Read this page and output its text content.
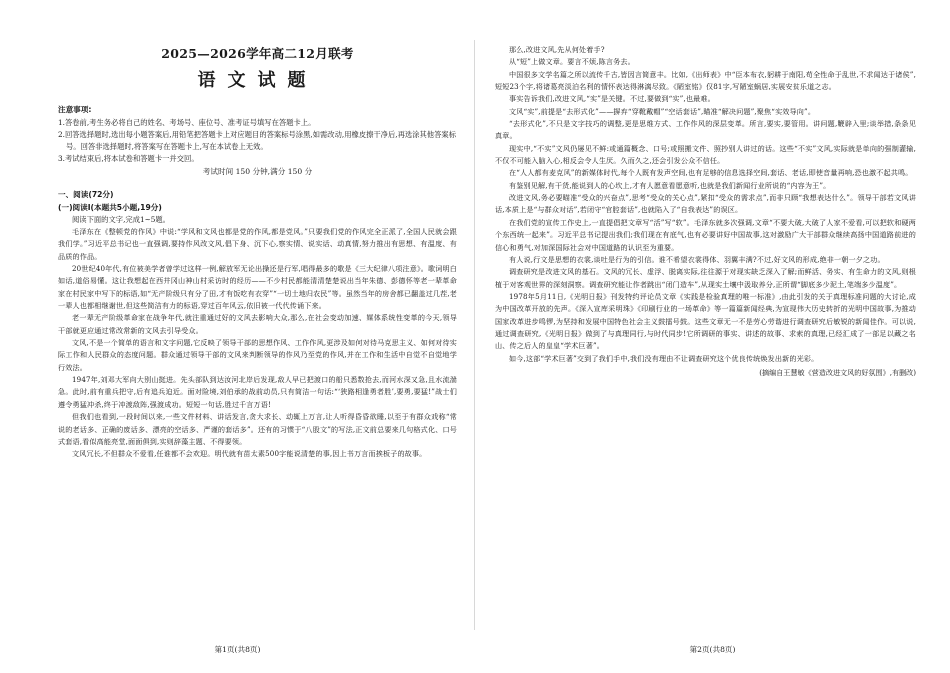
2025—2026学年高二12月联考

语文试题

注意事项:

1.答卷前,考生务必将自己的姓名、考场号、座位号、准考证号填写在答题卡上。

2.回答选择题时,选出每小题答案后,用铅笔把答题卡上对应题目的答案标号涂黑,如需改动,用橡皮擦干净后,再选涂其他答案标号。回答非选择题时,将答案写在答题卡上,写在本试卷上无效。

3.考试结束后,将本试卷和答题卡一并交回。

考试时间 150 分钟,满分 150 分

一、阅读(72分)

(一)阅读Ⅰ(本题共5小题,19分)

阅读下面的文字,完成1~5题。

毛泽东在《整顿党的作风》中说:“学风和文风也都是党的作风,都是党风。”只要我们党的作风完全正派了,全国人民就会跟我们学。”习近平总书记也一直强调,要持作风改文风,倡下身、沉下心,察实情、说实话、动真情,努力推出有思想、有温度、有品质的作品。

20世纪40年代,有位被美学者曾学过这样一例,解放军无论出操还是行军,唱得最多的歌是《三大纪律八项注意》。歌词明白如话,道俗易懂。这让我想起在西井冈山神山村采访时的经历——不少村民都能清清楚楚说出当年朱德、彭德怀等老一辈革命家在村民家中写下的标语,如“无产阶级只有分了田,才有饭吃有衣穿”“一切土地归农民”等。虽然当年的房舍都已翻盖过几茬,老一辈人也都相继谢世,但这些简洁有力的标语,穿过百年风云,依旧被一代代传诵下来。

老一辈无产阶级革命家在战争年代,就注重通过好的文风去影响大众,那么,在社会变动加速、媒体系统性变革的今天,领导干部就更应通过常改常新的文风去引导受众。

文风,不是一个简单的语言和文字问题,它反映了领导干部的思想作风、工作作风,更涉及如何对待马克思主义、如何对待实际工作和人民群众的态度问题。群众通过领导干部的文风来判断领导的作风乃至党的作风,并在工作和生活中自觉不自觉地学行效法。

1947年,刘邓大军向大别山挺进。先头部队到达汝河北岸后发现,敌人早已把渡口的船只悉数抢去,而河水深又急,且水流湍急。此时,前有重兵把守,后有追兵迫近。面对险境,刘伯承的战前动员,只有简洁一句话:“‘狭路相逢勇者胜’,要勇,要猛!”战士们遵令勇猛冲杀,终于冲渡敌阵,强渡成功。短短一句话,胜过千言万语!

但我们也看到,一段时间以来,一些文件材料、讲话发言,贪大求长、动辄上万言,让人听得昏昏欲睡,以至于有群众戏称“常说的老话多、正确的废话多、漂亮的空话多、严谨的套话多”。还有的习惯于“八股文”的写法,正文前总要来几句格式化、口号式套语,看似高能亮堂,面面俱到,实则辞藻主题、不得要领。

文风冗长,不但群众不爱看,任谁都不会欢迎。明代就有苗太素500字能说清楚的事,因上书万言而挨板子的故事。

第1页(共8页)

那么,改进文风,先从何处着手?

从“短”上做文章。要言不烦,陈言务去。

中国很多文学名篇之所以流传千古,皆因言简意丰。比如,《出师表》中“臣本布衣,躬耕于南阳,苟全性命于乱世,不求闻达于诸侯”,短短23个字,将诸葛亮淡泊名利的情怀表达得淋漓尽致。《陋室铭》仅81字,写陋室蜗居,实展安贫乐道之志。

事实告诉我们,改进文风,“实”是关键。不过,要做到“实”,也最难。

文风“实”,前提是“去形式化”——摒弃“穿靴戴帽”“空话套话”,瞄准“解决问题”,聚焦“实效导向”。

“去形式化”,不只是文字技巧的调整,更是思维方式、工作作风的深层变革。所言,要实,要管用。讲问题,鞭辟入里;谈举措,条条见真章。

现实中,“不实”文风仍屡见不鲜:或通篇概念、口号;或照搬文件、照抄别人讲过的话。这些“不实”文风,实际就是单向的强制灌输,不仅不可能入脑入心,相反会令人生厌。久而久之,还会引发公众不信任。

在“人人都有麦克风”的新媒体时代,每个人既有发声空间,也有足够的信息选择空间,套话、老话,即使音量再响,恐也激不起共鸣。

有鉴别见解,有干货,能说到人的心坎上,才有人愿意看愿意听,也就是我们新闻行业所说的“内容为王”。

改进文风,务必要瞄准“受众的兴奋点”,思考“受众的关心点”,紧扣“受众的需求点”,而非只顾“我想表达什么”。领导干部若文风讲话,本质上是“与群众对话”,若闭守“官腔套话”,也就陷入了“自我表达”的误区。

在我们党的宣传工作史上,一直提倡把文章写“活”写“软”。毛泽东就多次强调,文章“不要大破,大破了人家不爱看,可以把软和硬两个东西统一起来”。习近平总书记提出我们;我们现在有底气,也有必要讲好中国故事,这对激励广大干部群众继续高扬中国道路前进的信心和勇气,对加深国际社会对中国道路的认识至为重要。

有人说,行文是思想的衣裳,谈吐是行为的引信。谁不希望衣裳得体、羽翼丰满?不过,好文风的形成,绝非一朝一夕之功。

调查研究是改进文风的基石。文风的冗长、虚浮、脱离实际,往往源于对现实缺乏深入了解;而鲜活、务实、有生命力的文风,则根植于对客观世界的深刻洞察。调查研究能让作者跳出“闭门造车”,从现实土壤中汲取养分,正所谓“脚底多少泥土,笔端多少温度”。

1978年5月11日,《光明日报》刊发特约评论员文章《实践是检验真理的唯一标准》,由此引发的关于真理标准问题的大讨论,成为中国改革开放的先声。《深入宣库采明珠》《印刷行业的一场革命》等一篇篇新闻经典,为宣现伟大历史转折的光明中国故事,为推动国家改革进步鸣锣,为坚持和发展中国特色社会主义鼓擂号鼓。这些文章无一不是劳心劳谐进行调查研究后敏锐的新闻佳作。可以说,通过调查研究,《光明日报》做到了与真理同行,与时代同步!它所调研的事实、讲述的故事、求索的真理,已经汇成了一部足以藏之名山、传之后人的皇皇“学术巨著”。

如今,这部“学术巨著”交到了我们手中,我们没有理由不让调查研究这个优良传统焕发出新的光彩。

(摘编自王慧敏《营造改进文风的好氛围》,有删改)

第2页(共8页)
